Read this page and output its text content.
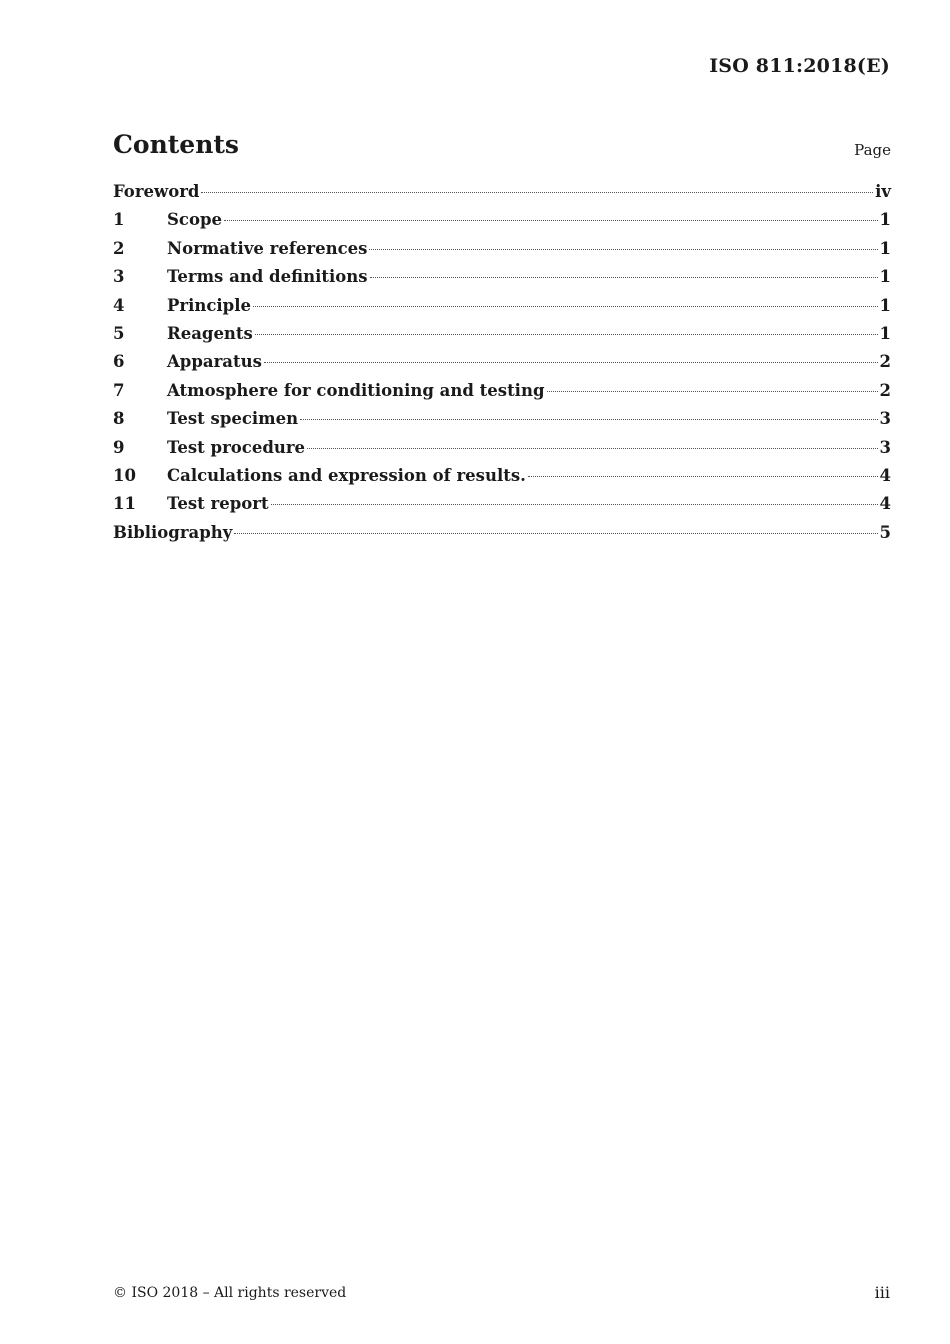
ISO 811:2018(E)
Contents	Page
Foreword	iv
1	Scope	1
2	Normative references	1
3	Terms and definitions	1
4	Principle	1
5	Reagents	1
6	Apparatus	2
7	Atmosphere for conditioning and testing	2
8	Test specimen	3
9	Test procedure	3
10	Calculations and expression of results.	4
11	Test report	4
Bibliography	5
© ISO 2018 – All rights reserved	iii
